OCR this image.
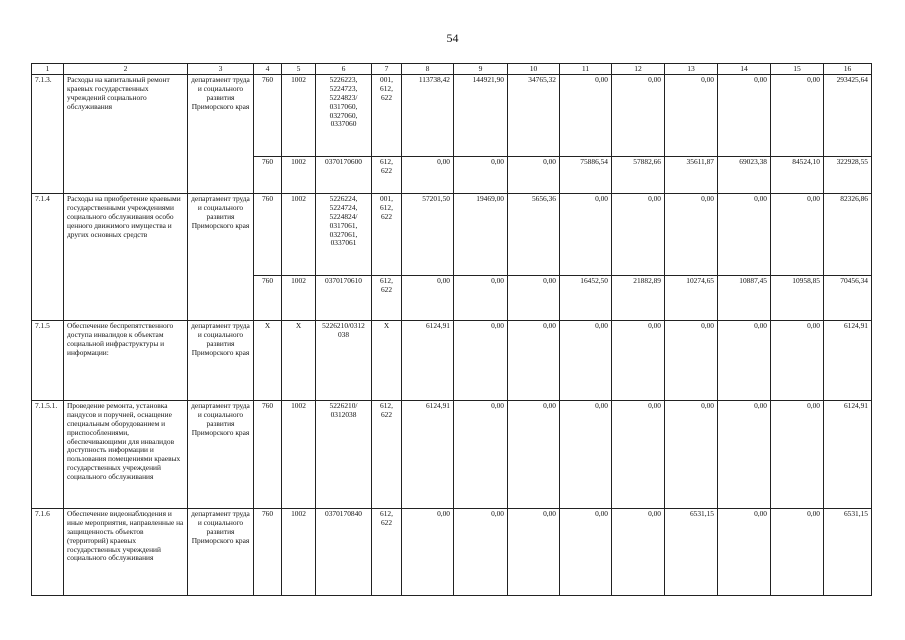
54
1	2	3	4	5	6	7	8	9	10	11	12	13	14	15	16
7.1.3.	Расходы на капитальный ремонт краевых государственных учреждений социального обслуживания	департамент труда и социального развития Приморского края	760	1002	5226223, 5224723, 5224823/ 0317060, 0327060, 0337060	001, 612, 622	113738,42	144921,90	34765,32	0,00	0,00	0,00	0,00	0,00	293425,64
			760	1002	0370170600	612, 622	0,00	0,00	0,00	75886,54	57882,66	35611,87	69023,38	84524,10	322928,55
7.1.4	Расходы на приобретение краевыми государственными учреждениями социального обслуживания особо ценного движимого имущества и других основных средств	департамент труда и социального развития Приморского края	760	1002	5226224, 5224724, 5224824/ 0317061, 0327061, 0337061	001, 612, 622	57201,50	19469,00	5656,36	0,00	0,00	0,00	0,00	0,00	82326,86
			760	1002	0370170610	612, 622	0,00	0,00	0,00	16452,50	21882,89	10274,65	10887,45	10958,85	70456,34
7.1.5	Обеспечение беспрепятственного доступа инвалидов к объектам социальной инфраструктуры и информации:	департамент труда и социального развития Приморского края	X	X	5226210/0312 038	X	6124,91	0,00	0,00	0,00	0,00	0,00	0,00	0,00	6124,91
7.1.5.1.	Проведение ремонта, установка пандусов и поручней, оснащение специальным оборудованием и приспособлениями, обеспечивающими для инвалидов доступность информации и пользования помещениями краевых государственных учреждений социального обслуживания	департамент труда и социального развития Приморского края	760	1002	5226210/ 0312038	612, 622	6124,91	0,00	0,00	0,00	0,00	0,00	0,00	0,00	6124,91
7.1.6	Обеспечение видеонаблюдения и иные мероприятия, направленные на защищенность объектов (территорий) краевых государственных учреждений социального обслуживания	департамент труда и социального развития Приморского края	760	1002	0370170840	612, 622	0,00	0,00	0,00	0,00	0,00	6531,15	0,00	0,00	6531,15
